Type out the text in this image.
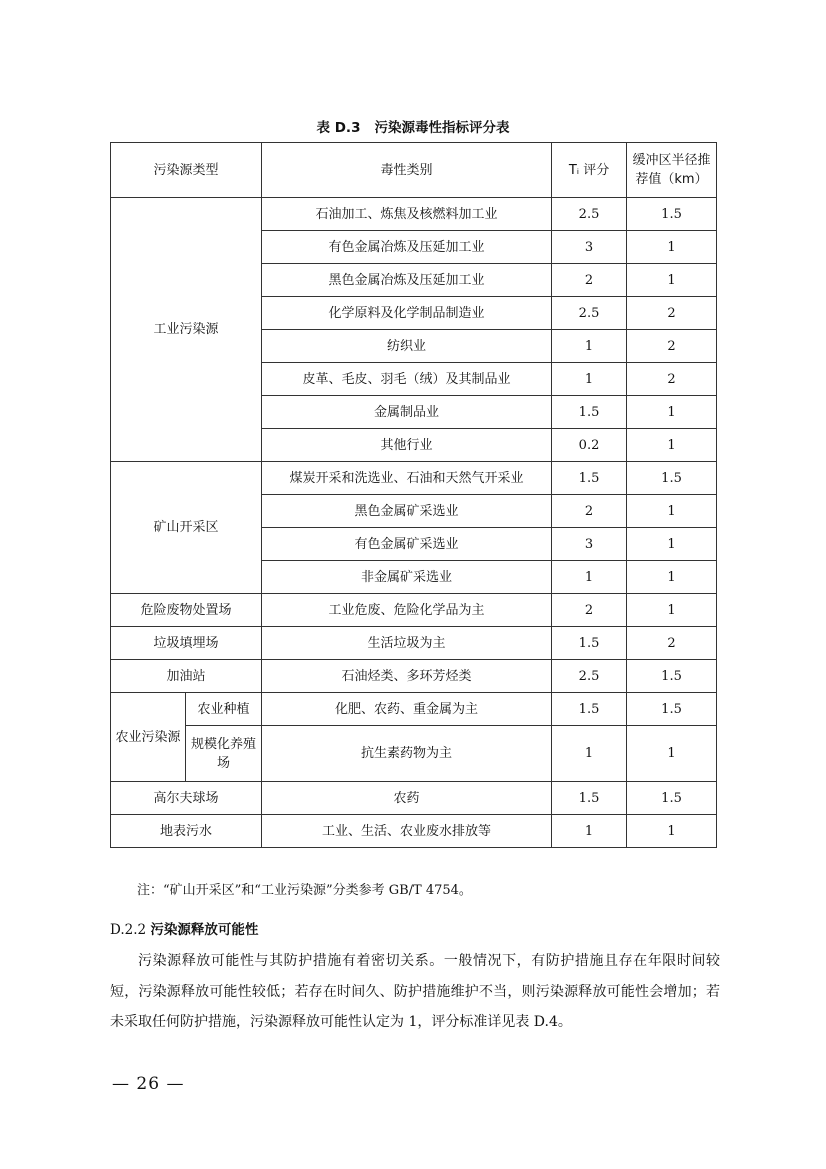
表 D.3 污染源毒性指标评分表
污染源类型		毒性类别	Tᵢ 评分	缓冲区半径推荐值（km）
工业污染源		石油加工、炼焦及核燃料加工业	2.5	1.5
		有色金属冶炼及压延加工业	3	1
		黑色金属冶炼及压延加工业	2	1
		化学原料及化学制品制造业	2.5	2
		纺织业	1	2
		皮革、毛皮、羽毛（绒）及其制品业	1	2
		金属制品业	1.5	1
		其他行业	0.2	1
矿山开采区		煤炭开采和洗选业、石油和天然气开采业	1.5	1.5
		黑色金属矿采选业	2	1
		有色金属矿采选业	3	1
		非金属矿采选业	1	1
危险废物处置场		工业危废、危险化学品为主	2	1
垃圾填埋场		生活垃圾为主	1.5	2
加油站		石油烃类、多环芳烃类	2.5	1.5
农业污染源	农业种植	化肥、农药、重金属为主	1.5	1.5
	规模化养殖场	抗生素药物为主	1	1
高尔夫球场		农药	1.5	1.5
地表污水		工业、生活、农业废水排放等	1	1
注：“矿山开采区”和“工业污染源”分类参考 GB/T 4754。
D.2.2 污染源释放可能性
污染源释放可能性与其防护措施有着密切关系。一般情况下，有防护措施且存在年限时间较短，污染源释放可能性较低；若存在时间久、防护措施维护不当，则污染源释放可能性会增加；若未采取任何防护措施，污染源释放可能性认定为 1，评分标准详见表 D.4。
— 26 —
